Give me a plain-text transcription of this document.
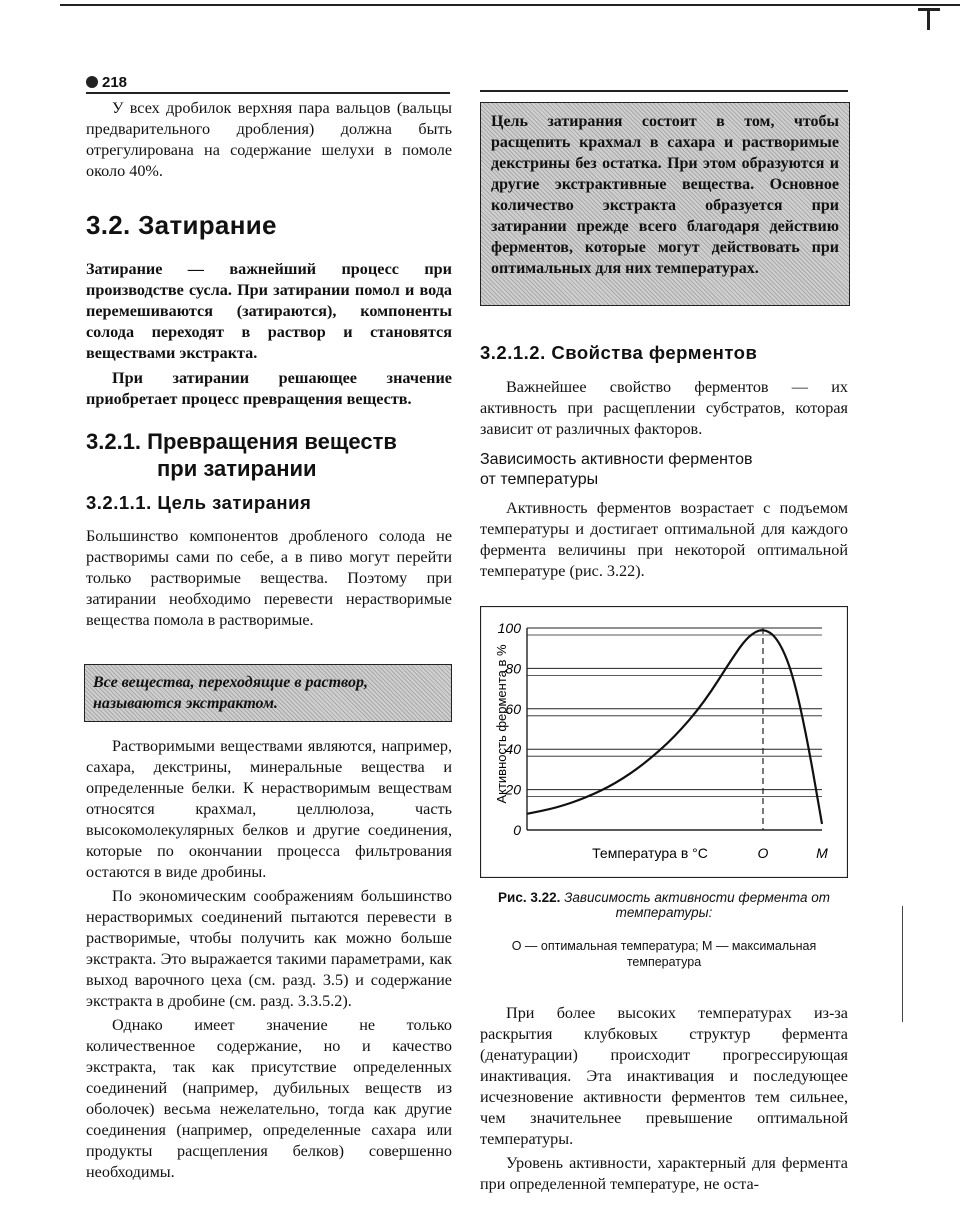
218

У всех дробилок верхняя пара вальцов (вальцы предварительного дробления) должна быть отрегулирована на содержание шелухи в помоле около 40%.

3.2. Затирание

Затирание — важнейший процесс при производстве сусла. При затирании помол и вода перемешиваются (затираются), компоненты солода переходят в раствор и становятся веществами экстракта.

При затирании решающее значение приобретает процесс превращения веществ.

3.2.1. Превращения веществ
при затирании
3.2.1.1. Цель затирания

Большинство компонентов дробленого солода не растворимы сами по себе, а в пиво могут перейти только растворимые вещества. Поэтому при затирании необходимо перевести нерастворимые вещества помола в растворимые.

Все вещества, переходящие в раствор, называются экстрактом.

Растворимыми веществами являются, например, сахара, декстрины, минеральные вещества и определенные белки. К нерастворимым веществам относятся крахмал, целлюлоза, часть высокомолекулярных белков и другие соединения, которые по окончании процесса фильтрования остаются в виде дробины.

По экономическим соображениям большинство нерастворимых соединений пытаются перевести в растворимые, чтобы получить как можно больше экстракта. Это выражается такими параметрами, как выход варочного цеха (см. разд. 3.5) и содержание экстракта в дробине (см. разд. 3.3.5.2).

Однако имеет значение не только количественное содержание, но и качество экстракта, так как присутствие определенных соединений (например, дубильных веществ из оболочек) весьма нежелательно, тогда как другие соединения (например, определенные сахара или продукты расщепления белков) совершенно необходимы.

Цель затирания состоит в том, чтобы расщепить крахмал в сахара и растворимые декстрины без остатка. При этом образуются и другие экстрактивные вещества. Основное количество экстракта образуется при затирании прежде всего благодаря действию ферментов, которые могут действовать при оптимальных для них температурах.
3.2.1.2. Свойства ферментов

Важнейшее свойство ферментов — их активность при расщеплении субстратов, которая зависит от различных факторов.

Зависимость активности ферментов
от температуры

Активность ферментов возрастает с подъемом температуры и достигает оптимальной для каждого фермента величины при некоторой оптимальной температуре (рис. 3.22).

Активность фермента в %
Температура в °C
0
20
40
60
80
100
O	M
Рис. 3.22. Зависимость активности фермента от температуры:
О — оптимальная температура; М — максимальная температура

При более высоких температурах из-за раскрытия клубковых структур фермента (денатурации) происходит прогрессирующая инактивация. Эта инактивация и последующее исчезновение активности ферментов тем сильнее, чем значительнее превышение оптимальной температуры.

Уровень активности, характерный для фермента при определенной температуре, не оста-
